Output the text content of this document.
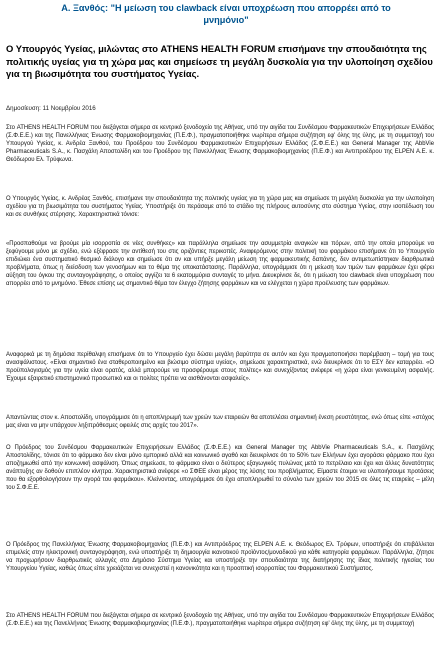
Α. Ξανθός: "Η μείωση του clawback είναι υποχρέωση που απορρέει από το μνημόνιο"

Ο Υπουργός Υγείας, μιλώντας στο ATHENS HEALTH FORUM επισήμανε την σπουδαιότητα της πολιτικής υγείας για τη χώρα μας και σημείωσε τη μεγάλη δυσκολία για την υλοποίηση σχεδίου για τη βιωσιμότητα του συστήματος Υγείας.

Δημοσίευση: 11 Νοεμβρίου 2016

Στο ATHENS HEALTH FORUM που διεξάγεται σήμερα σε κεντρικό ξενοδοχείο της Αθήνας, υπό την αιγίδα του Συνδέσμου Φαρμακευτικών Επιχειρήσεων Ελλάδος (Σ.Φ.Ε.Ε.) και της Πανελλήνιας Ένωσης Φαρμακοβιομηχανίας (Π.Ε.Φ.), πραγματοποιήθηκε νωρίτερα σήμερα συζήτηση εφ' όλης της ύλης, με τη συμμετοχή του Υπουργού Υγείας, κ. Ανδρέα Ξανθού, του Προέδρου του Συνδέσμου Φαρμακευτικών Επιχειρήσεων Ελλάδος (Σ.Φ.Ε.Ε.) και General Manager της AbbVie Pharmaceuticals S.A., κ. Πασχάλη Αποστολίδη και του Προέδρου της Πανελλήνιας Ένωσης Φαρμακοβιομηχανίας (Π.Ε.Φ.) και Αντιπροέδρου της ELPEN A.E. κ. Θεόδωρου Ελ. Τρύφωνα.

Ο Υπουργός Υγείας, κ. Ανδρέας Ξανθός, επισήμανε την σπουδαιότητα της πολιτικής υγείας για τη χώρα μας και σημείωσε τη μεγάλη δυσκολία για την υλοποίηση σχεδίου για τη βιωσιμότητα του συστήματος Υγείας. Υποστήριξε ότι περάσαμε από το στάδιο της πλήρους αυτοσύνης στο σύστημα Υγείας, στην ισοπέδωση του και σε συνθήκες στέρησης. Χαρακτηριστικά τόνισε:

«Προσπαθούμε να βρούμε μία ισορροπία σε νέες συνθήκες» και παράλληλα σημείωσε την ασυμμετρία αναγκών και πόρων, από την οποία μπορούμε να ξεφύγουμε μόνο με σχέδιο, ενώ εξέφρασε την αντίθεσή του στις οριζόντιες περικοπές. Αναφερόμενος στην πολιτική του φαρμάκου επισήμανε ότι το Υπουργείο επιδιώκει ένα συστηματικό θεσμικό διάλογο και σημείωσε ότι αν και υπήρξε μεγάλη μείωση της φαρμακευτικής δαπάνης, δεν αντιμετωπίστηκαν διαρθρωτικά προβλήματα, όπως η διείσδυση των γενοσήμων και το θέμα της υποκατάστασης. Παράλληλα, υπογράμμισε ότι η μείωση των τιμών των φαρμάκων έχει φέρει αύξηση του όγκου της συνταγογράφησης, ο οποίος αγγίζει τα 6 εκατομμύρια συνταγές το μήνα. Διευκρίνισε δε, ότι η μείωση του clawback είναι υποχρέωση που απορρέει από το μνημόνιο. Έθεσε επίσης ως σημαντικό θέμα τον έλεγχο ζήτησης φαρμάκων και να ελέγχεται η χώρα προέλευσης των φαρμάκων.

Αναφορικά με τη δημόσια περίθαλψη επισήμανε ότι το Υπουργείο έχει δώσει μεγάλη βαρύτητα σε αυτόν και έχει πραγματοποιήσει παρέμβαση – τομή για τους ανασφάλιστους. «Είναι σημαντικό ένα σταθεροποιημένο και βιώσιμο σύστημα υγείας», σημείωσε χαρακτηριστικά, ενώ διευκρίνισε ότι το ΕΣΥ δεν καταρρέει. «Ο προϋπολογισμός για την υγεία είναι ορατός, αλλά μπορούμε να προσφέρουμε στους πολίτες» και συνεχίζοντας ανέφερε «η χώρα είναι γενικευμένη ασφαλής. Έχουμε εξαιρετικό επιστημονικό προσωπικό και οι πολίτες πρέπει να αισθάνονται ασφαλείς».

Απαντώντας στον κ. Αποστολίδη, υπογράμμισε ότι η αποπληρωμή των χρεών των εταιρειών θα αποτελέσει σημαντική ένεση ρευστότητας, ενώ όπως είπε «στόχος μας είναι να μην υπάρχουν ληξιπρόθεσμες οφειλές στις αρχές του 2017».

Ο Πρόεδρος του Συνδέσμου Φαρμακευτικών Επιχειρήσεων Ελλάδος (Σ.Φ.Ε.Ε.) και General Manager της AbbVie Pharmaceuticals S.A., κ. Πασχάλης Αποστολίδης, τόνισε ότι το φάρμακο δεν είναι μόνο εμπορικό αλλά και κοινωνικό αγαθό και διευκρίνισε ότι το 50% των Ελλήνων έχει αγοράσει φάρμακο που έχει αποζημιωθεί από την κοινωνική ασφάλιση. Όπως σημείωσε, το φάρμακο είναι ο δεύτερος εξαγωγικός πυλώνας μετά το πετρέλαιο και έχει και άλλες δυνατότητες ανάπτυξης αν δοθούν επιπλέον κίνητρα. Χαρακτηριστικά ανέφερε «ο ΣΦΕΕ είναι μέρος της λύσης του προβλήματος. Είμαστε έτοιμοι να υλοποιήσουμε προτάσεις που θα εξορθολογήσουν την αγορά του φαρμάκου». Κλείνοντας, υπογράμμισε ότι έχει αποπληρωθεί το σύνολο των χρεών του 2015 σε όλες τις εταιρείες – μέλη του Σ.Φ.Ε.Ε.

Ο Πρόεδρος της Πανελλήνιας Ένωσης Φαρμακοβιομηχανίας (Π.Ε.Φ.) και Αντιπρόεδρος της ELPEN A.E. κ. Θεόδωρος Ελ. Τρύφων, υποστήριξε ότι επιβάλλεται επιμελείς στην ηλεκτρονική συνταγογράφηση, ενώ υποστήριξε τη δημιουργία ικανοτικού προϊόντος/μοναδικού για κάθε κατηγορία φαρμάκων. Παράλληλα, ζήτησε να προχωρήσουν διαρθρωτικές αλλαγές στο Δημόσιο Σύστημα Υγείας και υποστήριξε την σπουδαιότητα της διατήρησης της ίδιας πολιτικής ηγεσίας του Υπουργείου Υγείας, καθώς όπως είπε χρειάζεται να συνεχιστεί η κανονικότητα και η προοπτική ισορροπίας του Φαρμακευτικού Συστήματος.

Στο ATHENS HEALTH FORUM που διεξάγεται σήμερα σε κεντρικό ξενοδοχείο της Αθήνας, υπό την αιγίδα του Συνδέσμου Φαρμακευτικών Επιχειρήσεων Ελλάδος (Σ.Φ.Ε.Ε.) και της Πανελλήνιας Ένωσης Φαρμακοβιομηχανίας (Π.Ε.Φ.), πραγματοποιήθηκε νωρίτερα σήμερα συζήτηση εφ' όλης της ύλης, με τη συμμετοχή
